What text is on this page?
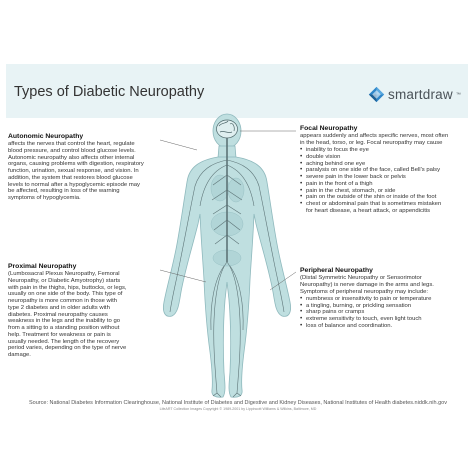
Types of Diabetic Neuropathy	smartdraw ™
Autonomic Neuropathy

affects the nerves that control the heart, regulate

blood pressure, and control blood glucose levels.

Autonomic neuropathy also affects other internal

organs, causing problems with digestion, respiratory

function, urination, sexual response, and vision. In

addition, the system that restores blood glucose

levels to normal after a hypoglycemic episode may

be affected, resulting in loss of the warning

symptoms of hypoglycemia.

Proximal Neuropathy

(Lumbosacral Plexus Neuropathy, Femoral

Neuropathy, or Diabetic Amyotrophy) starts

with pain in the thighs, hips, buttocks, or legs,

usually on one side of the body. This type of

neuropathy is more common in those with

type 2 diabetes and in older adults with

diabetes. Proximal neuropathy causes

weakness in the legs and the inability to go

from a sitting to a standing position without

help. Treatment for weakness or pain is

usually needed. The length of the recovery

period varies, depending on the type of nerve

damage.

Focal Neuropathy

appears suddenly and affects specific nerves, most often

in the head, torso, or leg. Focal neuropathy may cause

• inability to focus the eye
• double vision
• aching behind one eye
• paralysis on one side of the face, called Bell's palsy
• severe pain in the lower back or pelvis
• pain in the front of a thigh
• pain in the chest, stomach, or side
• pain on the outside of the shin or inside of the foot
• chest or abdominal pain that is sometimes mistaken
for heart disease, a heart attack, or appendicitis
Peripheral Neuropathy

(Distal Symmetric Neuropathy or Sensorimotor

Neuropathy) is nerve damage in the arms and legs.

Symptoms of peripheral neuropathy may include:

• numbness or insensitivity to pain or temperature
• a tingling, burning, or prickling sensation
• sharp pains or cramps
• extreme sensitivity to touch, even light touch
• loss of balance and coordination.
Source: National Diabetes Information Clearinghouse, National Institute of Diabetes and Digestive and Kidney Diseases, National Institutes of Health diabetes.niddk.nih.gov
LifeART Collection Images Copyright © 1989-2001 by Lippincott Williams & Wilkins, Baltimore, MD
